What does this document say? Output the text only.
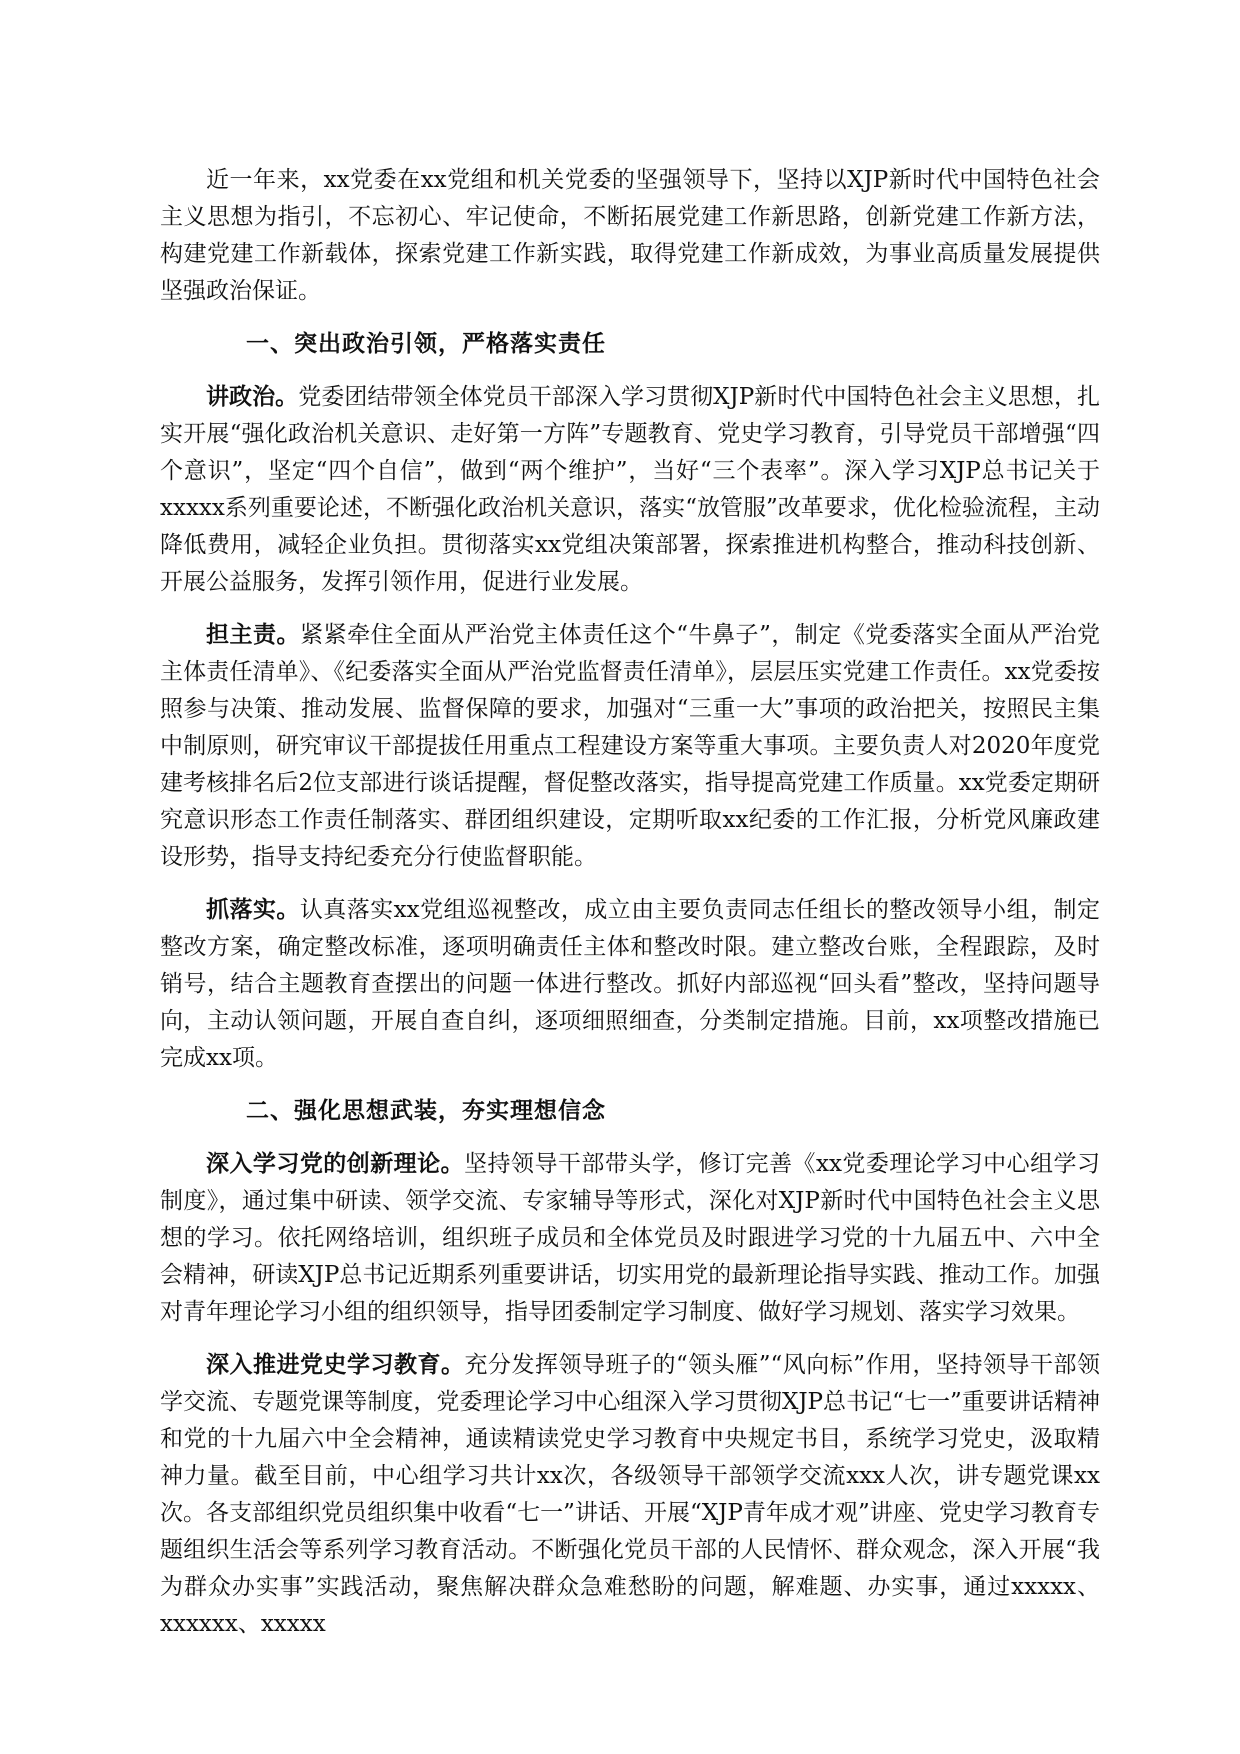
近一年来，xx党委在xx党组和机关党委的坚强领导下，坚持以XJP新时代中国特色社会主义思想为指引，不忘初心、牢记使命，不断拓展党建工作新思路，创新党建工作新方法，构建党建工作新载体，探索党建工作新实践，取得党建工作新成效，为事业高质量发展提供坚强政治保证。

一、突出政治引领，严格落实责任

讲政治。党委团结带领全体党员干部深入学习贯彻XJP新时代中国特色社会主义思想，扎实开展“强化政治机关意识、走好第一方阵”专题教育、党史学习教育，引导党员干部增强“四个意识”，坚定“四个自信”，做到“两个维护”，当好“三个表率”。深入学习XJP总书记关于xxxxx系列重要论述，不断强化政治机关意识，落实“放管服”改革要求，优化检验流程，主动降低费用，减轻企业负担。贯彻落实xx党组决策部署，探索推进机构整合，推动科技创新、开展公益服务，发挥引领作用，促进行业发展。

担主责。紧紧牵住全面从严治党主体责任这个“牛鼻子”，制定《党委落实全面从严治党主体责任清单》、《纪委落实全面从严治党监督责任清单》，层层压实党建工作责任。xx党委按照参与决策、推动发展、监督保障的要求，加强对“三重一大”事项的政治把关，按照民主集中制原则，研究审议干部提拔任用重点工程建设方案等重大事项。主要负责人对2020年度党建考核排名后2位支部进行谈话提醒，督促整改落实，指导提高党建工作质量。xx党委定期研究意识形态工作责任制落实、群团组织建设，定期听取xx纪委的工作汇报，分析党风廉政建设形势，指导支持纪委充分行使监督职能。

抓落实。认真落实xx党组巡视整改，成立由主要负责同志任组长的整改领导小组，制定整改方案，确定整改标准，逐项明确责任主体和整改时限。建立整改台账，全程跟踪，及时销号，结合主题教育查摆出的问题一体进行整改。抓好内部巡视“回头看”整改，坚持问题导向，主动认领问题，开展自查自纠，逐项细照细查，分类制定措施。目前，xx项整改措施已完成xx项。

二、强化思想武装，夯实理想信念

深入学习党的创新理论。坚持领导干部带头学，修订完善《xx党委理论学习中心组学习制度》，通过集中研读、领学交流、专家辅导等形式，深化对XJP新时代中国特色社会主义思想的学习。依托网络培训，组织班子成员和全体党员及时跟进学习党的十九届五中、六中全会精神，研读XJP总书记近期系列重要讲话，切实用党的最新理论指导实践、推动工作。加强对青年理论学习小组的组织领导，指导团委制定学习制度、做好学习规划、落实学习效果。

深入推进党史学习教育。充分发挥领导班子的“领头雁”“风向标”作用，坚持领导干部领学交流、专题党课等制度，党委理论学习中心组深入学习贯彻XJP总书记“七一”重要讲话精神和党的十九届六中全会精神，通读精读党史学习教育中央规定书目，系统学习党史，汲取精神力量。截至目前，中心组学习共计xx次，各级领导干部领学交流xxx人次，讲专题党课xx次。各支部组织党员组织集中收看“七一”讲话、开展“XJP青年成才观”讲座、党史学习教育专题组织生活会等系列学习教育活动。不断强化党员干部的人民情怀、群众观念，深入开展“我为群众办实事”实践活动，聚焦解决群众急难愁盼的问题，解难题、办实事，通过xxxxx、xxxxxx、xxxxx
